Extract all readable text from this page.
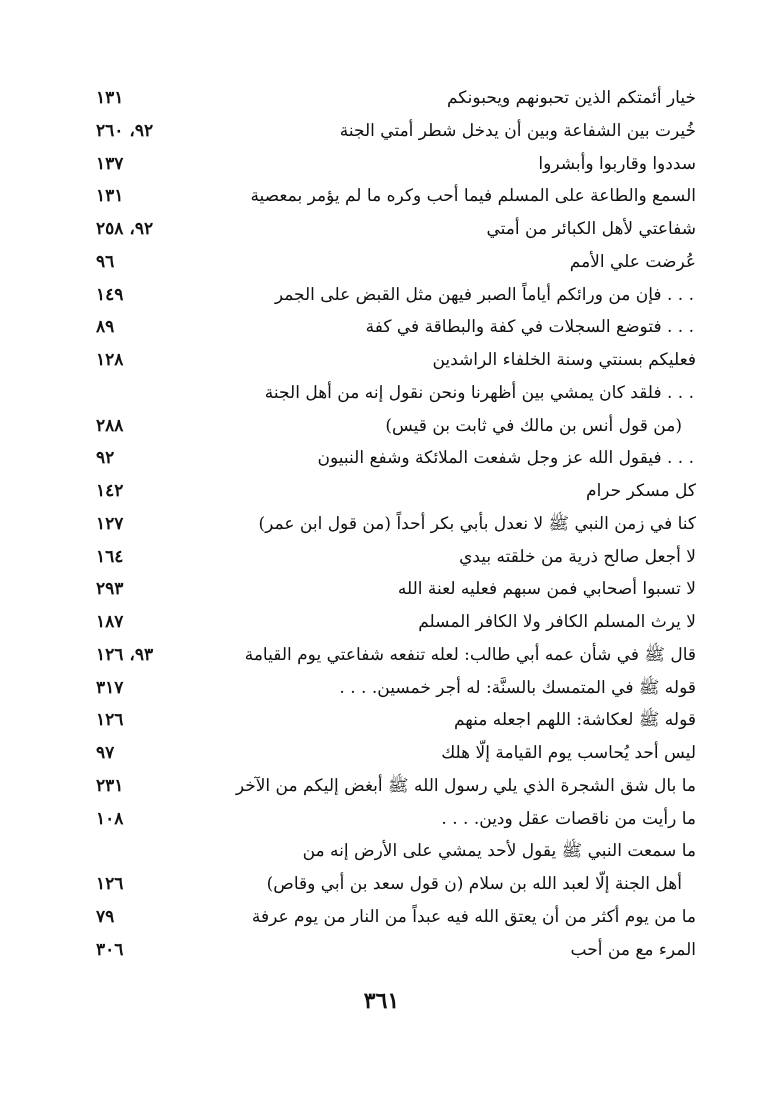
خيار أئمتكم الذين تحبونهم ويحبونكم
١٣١
خُيرت بين الشفاعة وبين أن يدخل شطر أمتي الجنة
٩٢، ٢٦٠
سددوا وقاربوا وأبشروا
١٣٧
السمع والطاعة على المسلم فيما أحب وكره ما لم يؤمر بمعصية
١٣١
شفاعتي لأهل الكبائر من أمتي
٩٢، ٢٥٨
عُرضت علي الأمم
٩٦
. . . فإن من ورائكم أياماً الصبر فيهن مثل القبض على الجمر
١٤٩
. . . فتوضع السجلات في كفة والبطاقة في كفة
٨٩
فعليكم بسنتي وسنة الخلفاء الراشدين
١٢٨
. . . فلقد كان يمشي بين أظهرنا ونحن نقول إنه من أهل الجنة
(من قول أنس بن مالك في ثابت بن قيس)
٢٨٨
. . . فيقول الله عز وجل شفعت الملائكة وشفع النبيون
٩٢
كل مسكر حرام
١٤٢
كنا في زمن النبي ﷺ لا نعدل بأبي بكر أحداً (من قول ابن عمر)
١٢٧
لا أجعل صالح ذرية من خلقته بيدي
١٦٤
لا تسبوا أصحابي فمن سبهم فعليه لعنة الله
٢٩٣
لا يرث المسلم الكافر ولا الكافر المسلم
١٨٧
قال ﷺ في شأن عمه أبي طالب: لعله تنفعه شفاعتي يوم القيامة
٩٣، ١٢٦
قوله ﷺ في المتمسك بالسنَّة: له أجر خمسين. . . .
٣١٧
قوله ﷺ لعكاشة: اللهم اجعله منهم
١٢٦
ليس أحد يُحاسب يوم القيامة إلّا هلك
٩٧
ما بال شق الشجرة الذي يلي رسول الله ﷺ أبغض إليكم من الآخر
٢٣١
ما رأيت من ناقصات عقل ودين. . . .
١٠٨
ما سمعت النبي ﷺ يقول لأحد يمشي على الأرض إنه من
أهل الجنة إلّا لعبد الله بن سلام (ن قول سعد بن أبي وقاص)
١٢٦
ما من يوم أكثر من أن يعتق الله فيه عبداً من النار من يوم عرفة
٧٩
المرء مع من أحب
٣٠٦
٣٦١
